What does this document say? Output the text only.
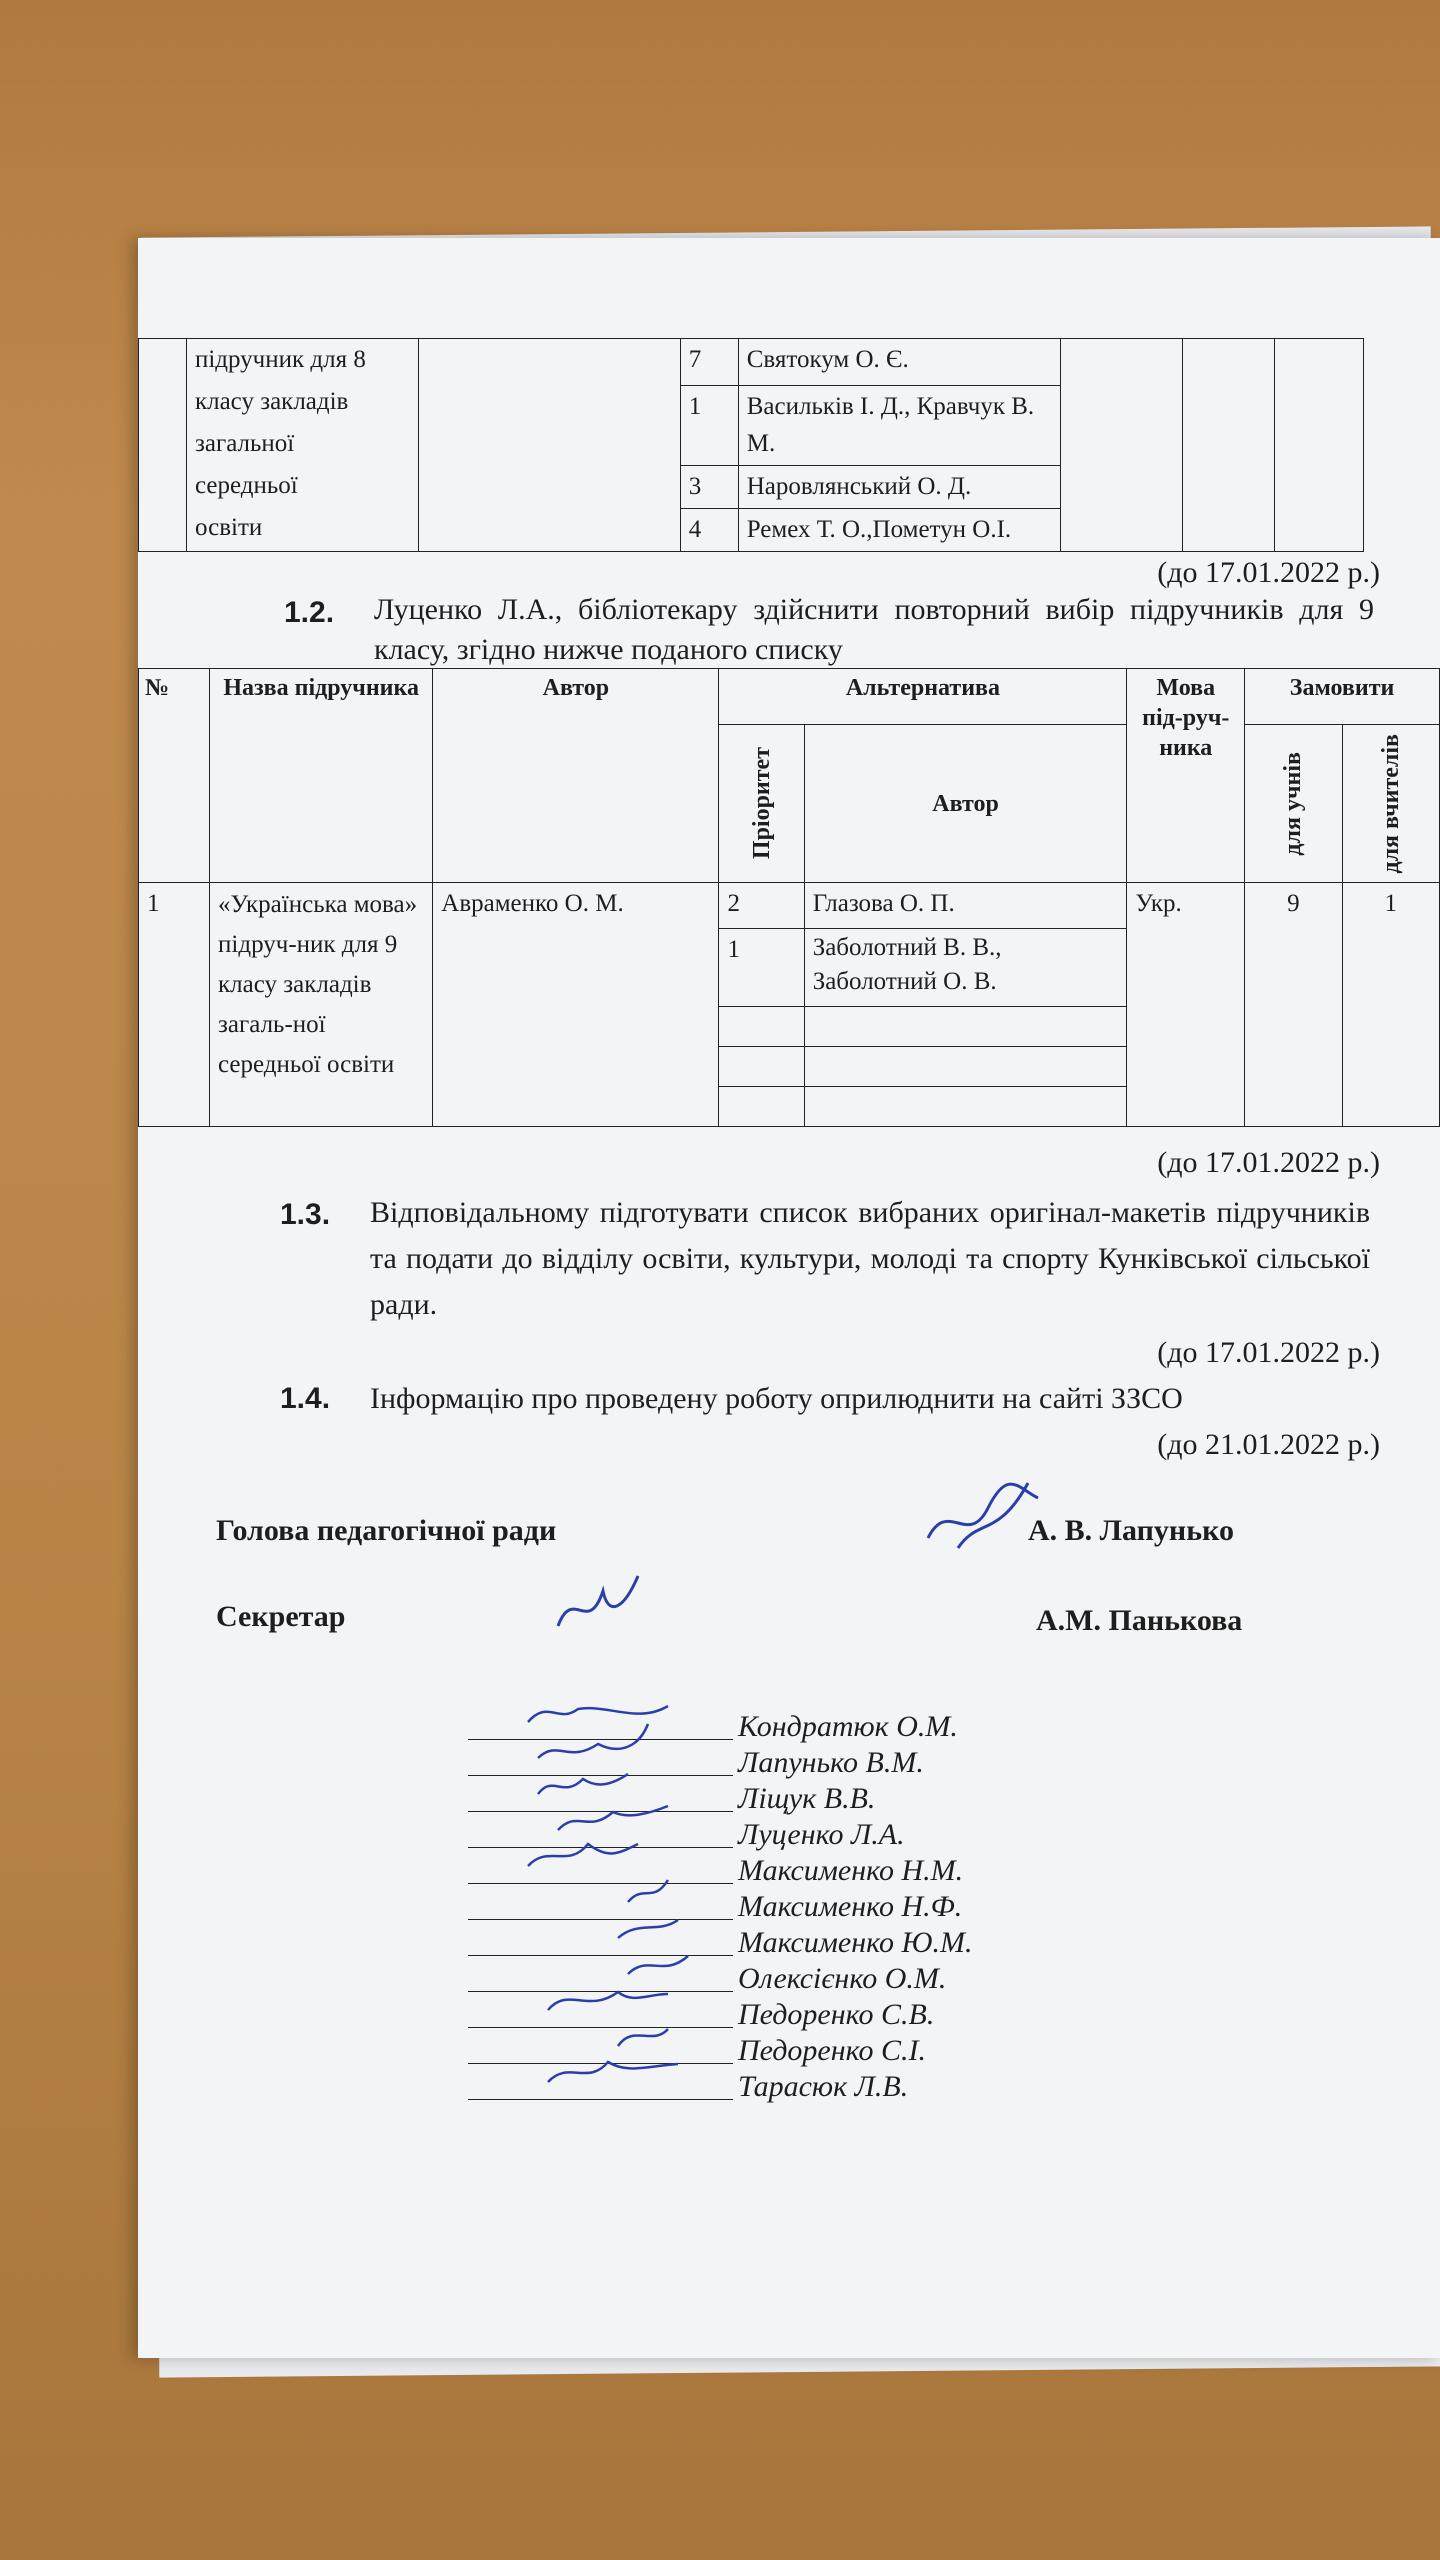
	підручник для 8
класу закладів
загальної
середньої
освіти		7	Святокум О. Є.				
			1	Васильків І. Д., Кравчук В. М.				
			3	Наровлянський О. Д.				
			4	Ремех Т. О.,Пометун О.І.				
(до 17.01.2022 р.)
1.2. Луценко Л.А., бібліотекару здійснити повторний вибір підручників для 9 класу, згідно нижче поданого списку
№	Назва підручника	Автор	Альтернатива		Мова під-руч-ника	Замовити	

			Пріоритет	Автор		для учнів	для вчителів

1	«Українська мова» підруч-ник для 9 класу закладів загаль-ної середньої освіти	Авраменко О. М.	2	Глазова О. П.	Укр.	9	1
			1	Заболотний В. В., Заболотний О. В.			

(до 17.01.2022 р.)
1.3. Відповідальному підготувати список вибраних оригінал-макетів підручників та подати до відділу освіти, культури, молоді та спорту Кунківської сільської ради.
(до 17.01.2022 р.)
1.4. Інформацію про проведену роботу оприлюднити на сайті ЗЗСО
(до 21.01.2022 р.)
Голова педагогічної ради	А. В. Лапунько
Секретар	А.М. Панькова
Кондратюк О.М.
Лапунько В.М.
Ліщук В.В.
Луценко Л.А.
Максименко Н.М.
Максименко Н.Ф.
Максименко Ю.М.
Олексієнко О.М.
Педоренко С.В.
Педоренко С.І.
Тарасюк Л.В.
